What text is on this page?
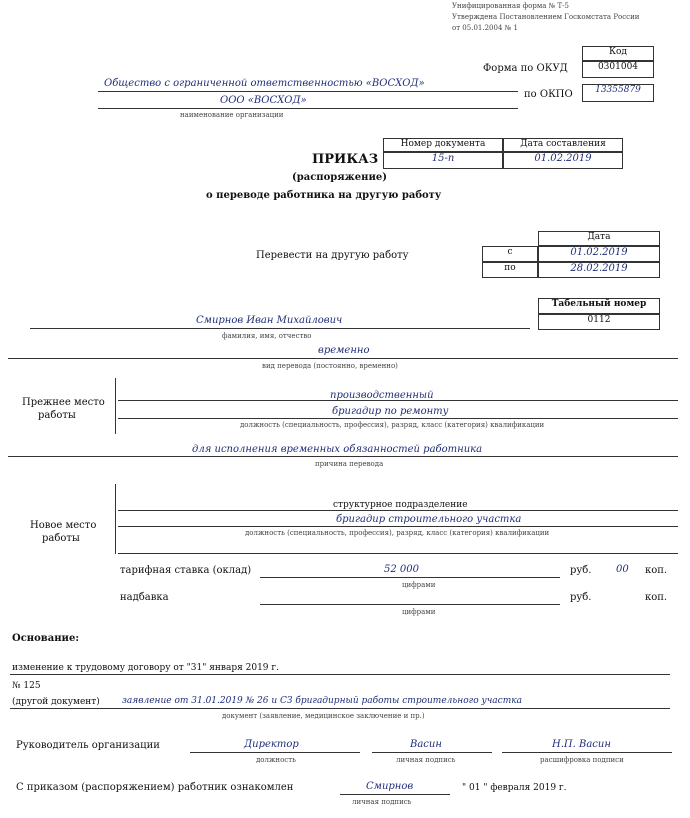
Унифицированная форма № Т-5
Утверждена Постановлением Госкомстата России
от 05.01.2004 № 1
Код
0301004
13355879
Форма по ОКУД
по ОКПО
Общество с ограниченной ответственностью «ВОСХОД»
ООО «ВОСХОД»
наименование организации
Номер документа	Дата составления
15-п	01.02.2019
ПРИКАЗ
(распоряжение)
о переводе работника на другую работу
Перевести на другую работу
Дата
с	01.02.2019
по	28.02.2019
Табельный номер
0112
Смирнов Иван Михайлович
фамилия, имя, отчество
временно
вид перевода (постоянно, временно)
Прежнее место
работы
производственный
бригадир по ремонту
должность (специальность, профессия), разряд, класс (категория) квалификации
для исполнения временных обязанностей работника
причина перевода
Новое место
работы
структурное подразделение
бригадир строительного участка
должность (специальность, профессия), разряд, класс (категория) квалификации
тарифная ставка (оклад)	52 000
цифрами
руб. 00 коп.
надбавка
цифрами
руб.	коп.
Основание:
изменение к трудовому договору от "31" января 2019 г.
№ 125
(другой документ) заявление от 31.01.2019 № 26 и СЗ бригадирный работы строительного участка
документ (заявление, медицинское заключение и пр.)
Руководитель организации	Директор
должность
Васин
личная подпись
Н.П. Васин
расшифровка подписи
С приказом (распоряжением) работник ознакомлен	Смирнов
личная подпись
" 01 " февраля 2019 г.
